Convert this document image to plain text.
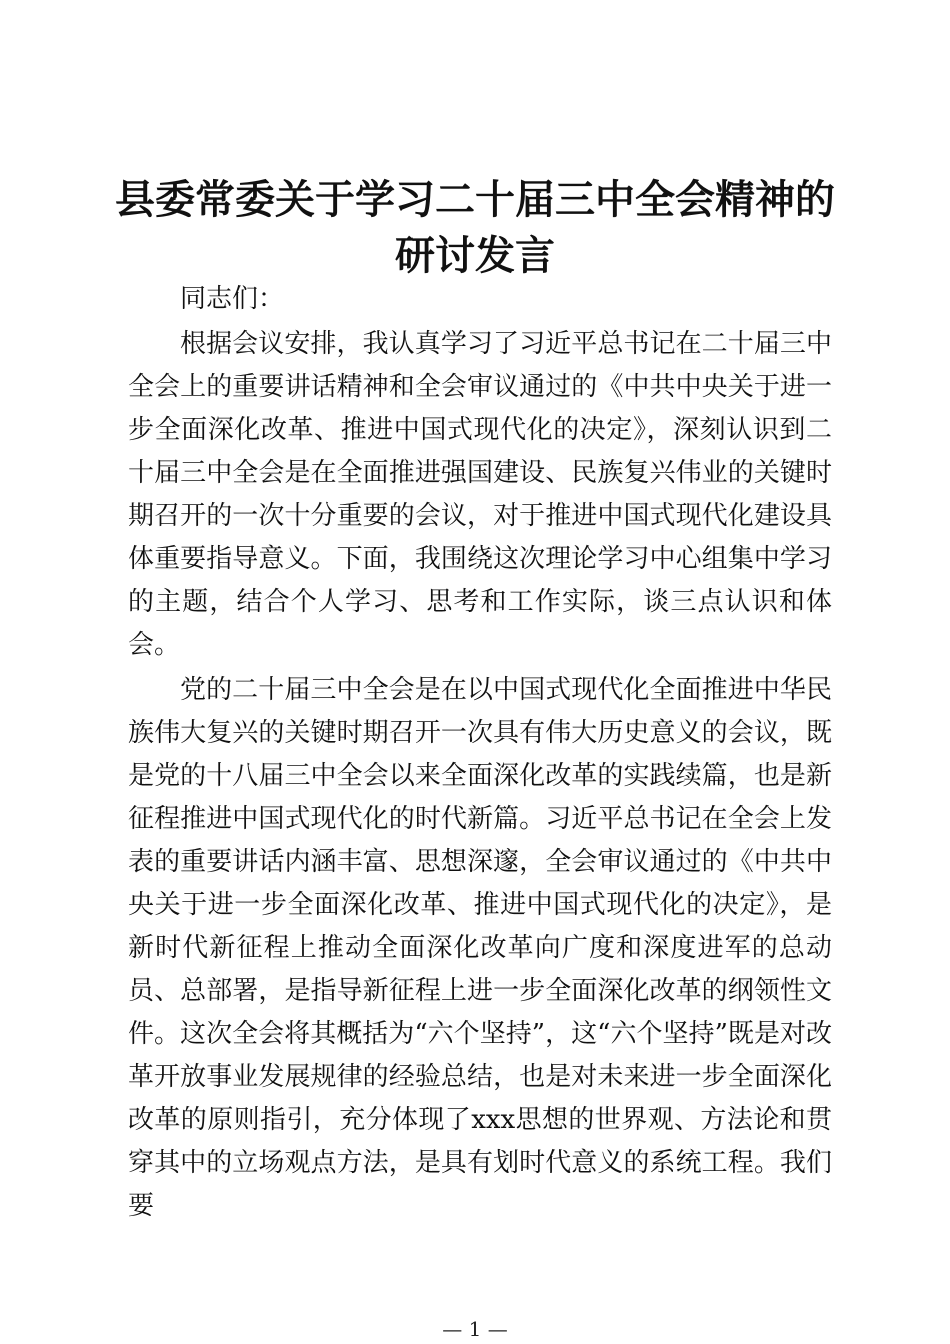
县委常委关于学习二十届三中全会精神的研讨发言

同志们：

根据会议安排，我认真学习了习近平总书记在二十届三中全会上的重要讲话精神和全会审议通过的《中共中央关于进一步全面深化改革、推进中国式现代化的决定》，深刻认识到二十届三中全会是在全面推进强国建设、民族复兴伟业的关键时期召开的一次十分重要的会议，对于推进中国式现代化建设具体重要指导意义。下面，我围绕这次理论学习中心组集中学习的主题，结合个人学习、思考和工作实际，谈三点认识和体会。

党的二十届三中全会是在以中国式现代化全面推进中华民族伟大复兴的关键时期召开一次具有伟大历史意义的会议，既是党的十八届三中全会以来全面深化改革的实践续篇，也是新征程推进中国式现代化的时代新篇。习近平总书记在全会上发表的重要讲话内涵丰富、思想深邃，全会审议通过的《中共中央关于进一步全面深化改革、推进中国式现代化的决定》，是新时代新征程上推动全面深化改革向广度和深度进军的总动员、总部署，是指导新征程上进一步全面深化改革的纲领性文件。这次全会将其概括为“六个坚持”，这“六个坚持”既是对改革开放事业发展规律的经验总结，也是对未来进一步全面深化改革的原则指引，充分体现了xxx思想的世界观、方法论和贯穿其中的立场观点方法，是具有划时代意义的系统工程。我们要

— 1 —
